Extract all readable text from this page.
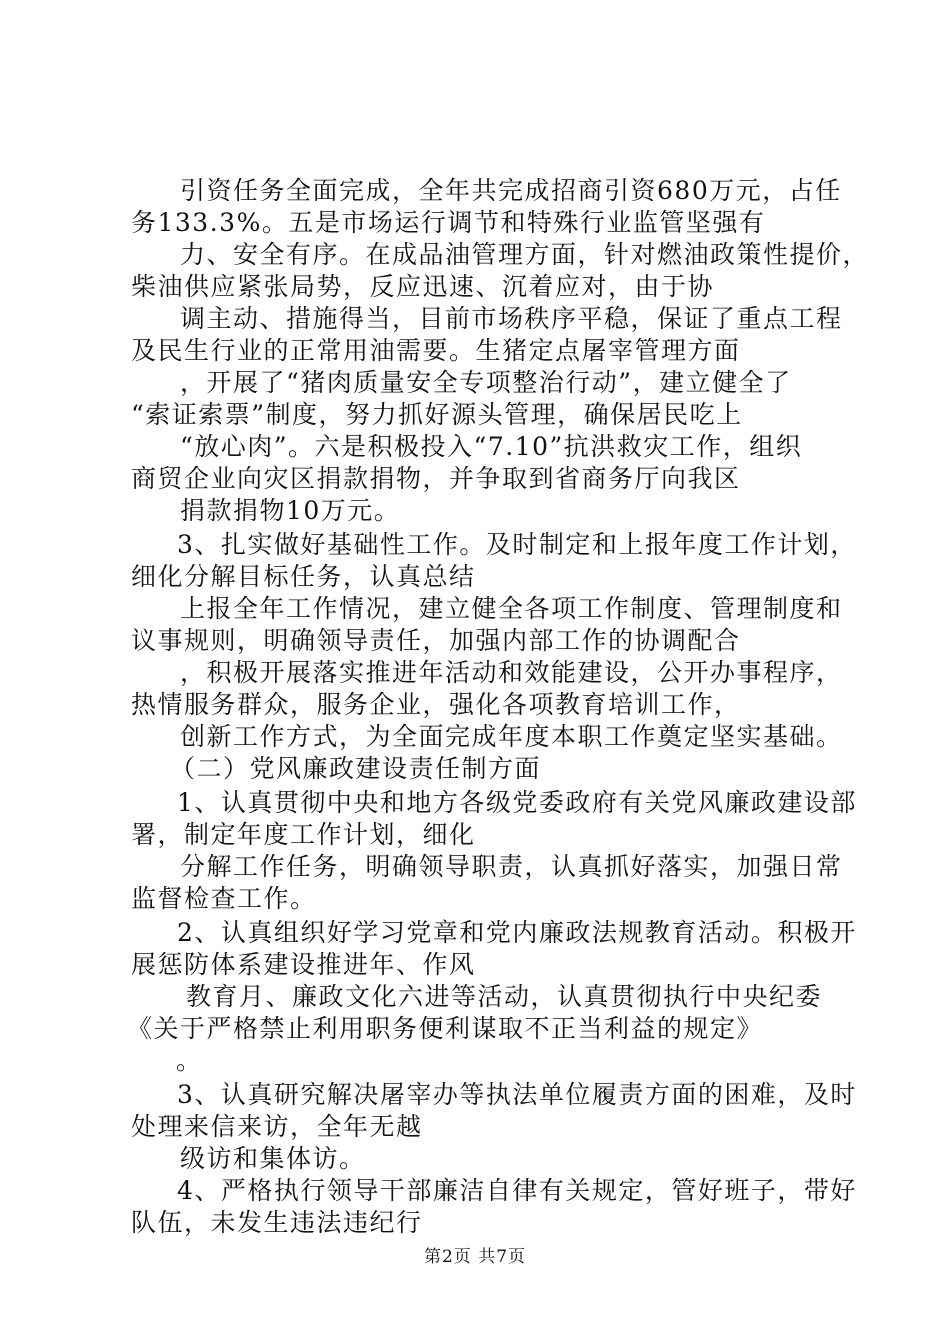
引资任务全面完成，全年共完成招商引资680万元，占任
务133.3%。五是市场运行调节和特殊行业监管坚强有
力、安全有序。在成品油管理方面，针对燃油政策性提价，
柴油供应紧张局势，反应迅速、沉着应对，由于协
调主动、措施得当，目前市场秩序平稳，保证了重点工程
及民生行业的正常用油需要。生猪定点屠宰管理方面
，开展了“猪肉质量安全专项整治行动”，建立健全了
“索证索票”制度，努力抓好源头管理，确保居民吃上
“放心肉”。六是积极投入“7.10”抗洪救灾工作，组织
商贸企业向灾区捐款捐物，并争取到省商务厅向我区
捐款捐物10万元。
3、扎实做好基础性工作。及时制定和上报年度工作计划，
细化分解目标任务，认真总结
上报全年工作情况，建立健全各项工作制度、管理制度和
议事规则，明确领导责任，加强内部工作的协调配合
，积极开展落实推进年活动和效能建设，公开办事程序，
热情服务群众，服务企业，强化各项教育培训工作，
创新工作方式，为全面完成年度本职工作奠定坚实基础。
（二）党风廉政建设责任制方面
1、认真贯彻中央和地方各级党委政府有关党风廉政建设部
署，制定年度工作计划，细化
分解工作任务，明确领导职责，认真抓好落实，加强日常
监督检查工作。
2、认真组织好学习党章和党内廉政法规教育活动。积极开
展惩防体系建设推进年、作风
教育月、廉政文化六进等活动，认真贯彻执行中央纪委
《关于严格禁止利用职务便利谋取不正当利益的规定》
。
3、认真研究解决屠宰办等执法单位履责方面的困难，及时
处理来信来访，全年无越
级访和集体访。
4、严格执行领导干部廉洁自律有关规定，管好班子，带好
队伍，未发生违法违纪行
第2页 共7页
